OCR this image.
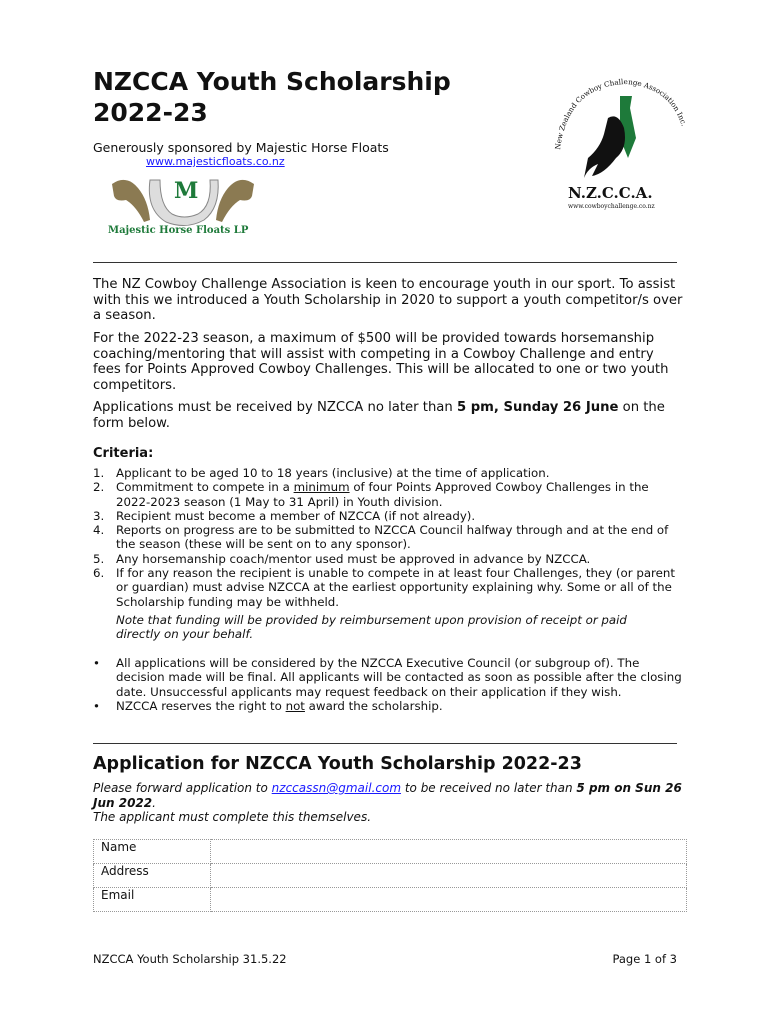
NZCCA Youth Scholarship 2022-23
Generously sponsored by Majestic Horse Floats
www.majesticfloats.co.nz
M
Majestic Horse Floats LP
New Zealand Cowboy Challenge Association Inc.
N.Z.C.C.A.
www.cowboychallenge.co.nz

The NZ Cowboy Challenge Association is keen to encourage youth in our sport. To assist with this we introduced a Youth Scholarship in 2020 to support a youth competitor/s over a season.

For the 2022-23 season, a maximum of $500 will be provided towards horsemanship coaching/mentoring that will assist with competing in a Cowboy Challenge and entry fees for Points Approved Cowboy Challenges. This will be allocated to one or two youth competitors.

Applications must be received by NZCCA no later than 5 pm, Sunday 26 June on the form below.

Criteria:
1. Applicant to be aged 10 to 18 years (inclusive) at the time of application.
2. Commitment to compete in a minimum of four Points Approved Cowboy Challenges in the 2022-2023 season (1 May to 31 April) in Youth division.
3. Recipient must become a member of NZCCA (if not already).
4. Reports on progress are to be submitted to NZCCA Council halfway through and at the end of the season (these will be sent on to any sponsor).
5. Any horsemanship coach/mentor used must be approved in advance by NZCCA.
6. If for any reason the recipient is unable to compete in at least four Challenges, they (or parent or guardian) must advise NZCCA at the earliest opportunity explaining why. Some or all of the Scholarship funding may be withheld.
Note that funding will be provided by reimbursement upon provision of receipt or paid directly on your behalf.
• All applications will be considered by the NZCCA Executive Council (or subgroup of). The decision made will be final. All applicants will be contacted as soon as possible after the closing date. Unsuccessful applicants may request feedback on their application if they wish.
• NZCCA reserves the right to not award the scholarship.
Application for NZCCA Youth Scholarship 2022-23
Please forward application to nzccassn@gmail.com to be received no later than 5 pm on Sun 26 Jun 2022.
The applicant must complete this themselves.
Name	
Address	
Email	
NZCCA Youth Scholarship 31.5.22	Page 1 of 3
